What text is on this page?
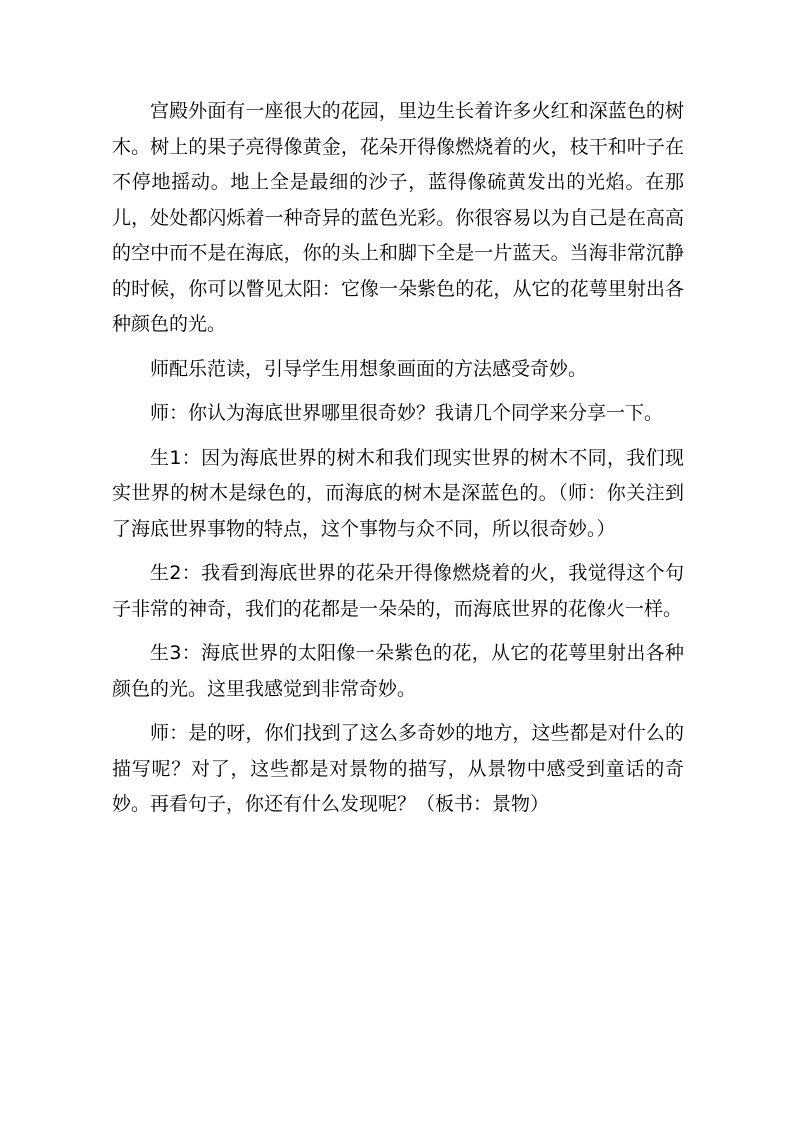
宫殿外面有一座很大的花园，里边生长着许多火红和深蓝色的树木。树上的果子亮得像黄金，花朵开得像燃烧着的火，枝干和叶子在不停地摇动。地上全是最细的沙子，蓝得像硫黄发出的光焰。在那儿，处处都闪烁着一种奇异的蓝色光彩。你很容易以为自己是在高高的空中而不是在海底，你的头上和脚下全是一片蓝天。当海非常沉静的时候，你可以瞥见太阳：它像一朵紫色的花，从它的花萼里射出各种颜色的光。

师配乐范读，引导学生用想象画面的方法感受奇妙。

师：你认为海底世界哪里很奇妙？我请几个同学来分享一下。

生1：因为海底世界的树木和我们现实世界的树木不同，我们现实世界的树木是绿色的，而海底的树木是深蓝色的。（师：你关注到了海底世界事物的特点，这个事物与众不同，所以很奇妙。）

生2：我看到海底世界的花朵开得像燃烧着的火，我觉得这个句子非常的神奇，我们的花都是一朵朵的，而海底世界的花像火一样。

生3：海底世界的太阳像一朵紫色的花，从它的花萼里射出各种颜色的光。这里我感觉到非常奇妙。

师：是的呀，你们找到了这么多奇妙的地方，这些都是对什么的描写呢？对了，这些都是对景物的描写，从景物中感受到童话的奇妙。再看句子，你还有什么发现呢？（板书：景物）
